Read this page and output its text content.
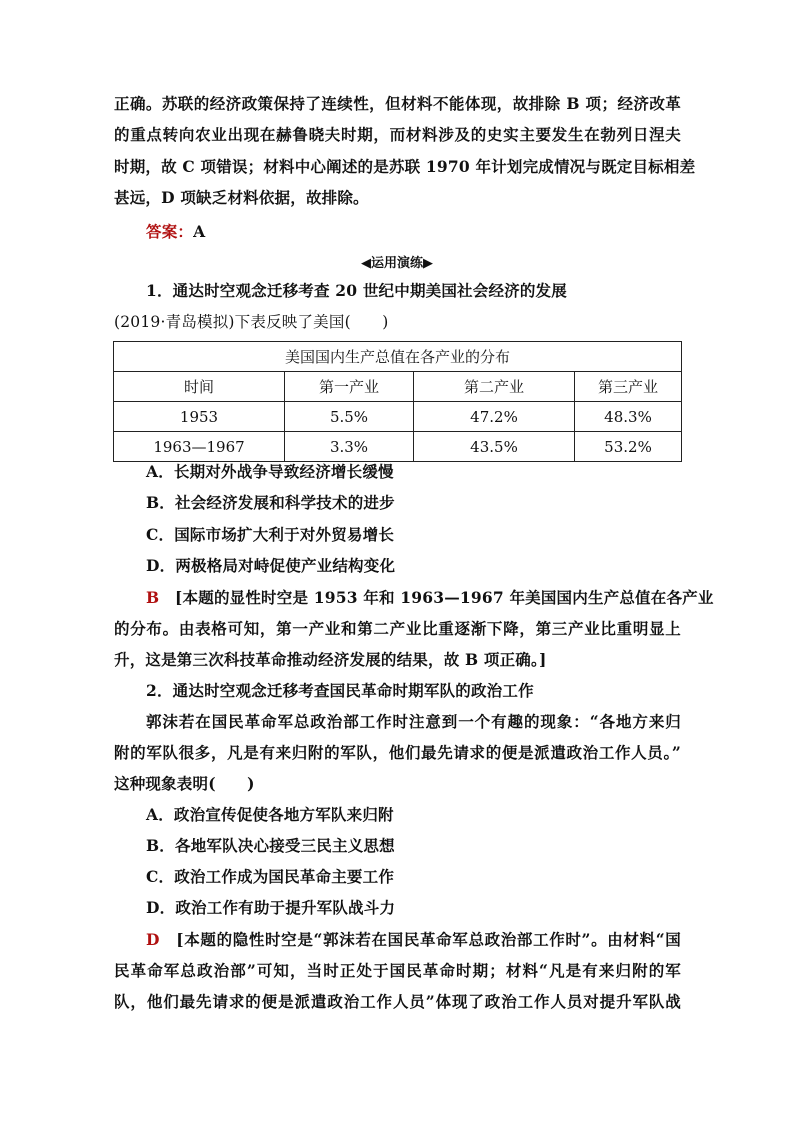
正确。苏联的经济政策保持了连续性，但材料不能体现，故排除 B 项；经济改革
的重点转向农业出现在赫鲁晓夫时期，而材料涉及的史实主要发生在勃列日涅夫
时期，故 C 项错误；材料中心阐述的是苏联 1970 年计划完成情况与既定目标相差
甚远，D 项缺乏材料依据，故排除。
答案：A
◀运用演练▶
1．通达时空观念迁移考查 20 世纪中期美国社会经济的发展
(2019·青岛模拟)下表反映了美国(　　)
美国国内生产总值在各产业的分布			
时间	第一产业	第二产业	第三产业
1953	5.5%	47.2%	48.3%
1963—1967	3.3%	43.5%	53.2%
A．长期对外战争导致经济增长缓慢
B．社会经济发展和科学技术的进步
C．国际市场扩大利于对外贸易增长
D．两极格局对峙促使产业结构变化
B　 [本题的显性时空是 1953 年和 1963—1967 年美国国内生产总值在各产业
的分布。由表格可知，第一产业和第二产业比重逐渐下降，第三产业比重明显上
升，这是第三次科技革命推动经济发展的结果，故 B 项正确。]
2．通达时空观念迁移考查国民革命时期军队的政治工作
郭沫若在国民革命军总政治部工作时注意到一个有趣的现象：“各地方来归
附的军队很多，凡是有来归附的军队，他们最先请求的便是派遣政治工作人员。”
这种现象表明(　　)
A．政治宣传促使各地方军队来归附
B．各地军队决心接受三民主义思想
C．政治工作成为国民革命主要工作
D．政治工作有助于提升军队战斗力
D　 [本题的隐性时空是“郭沫若在国民革命军总政治部工作时”。由材料“国
民革命军总政治部”可知，当时正处于国民革命时期；材料“凡是有来归附的军
队，他们最先请求的便是派遣政治工作人员”体现了政治工作人员对提升军队战
